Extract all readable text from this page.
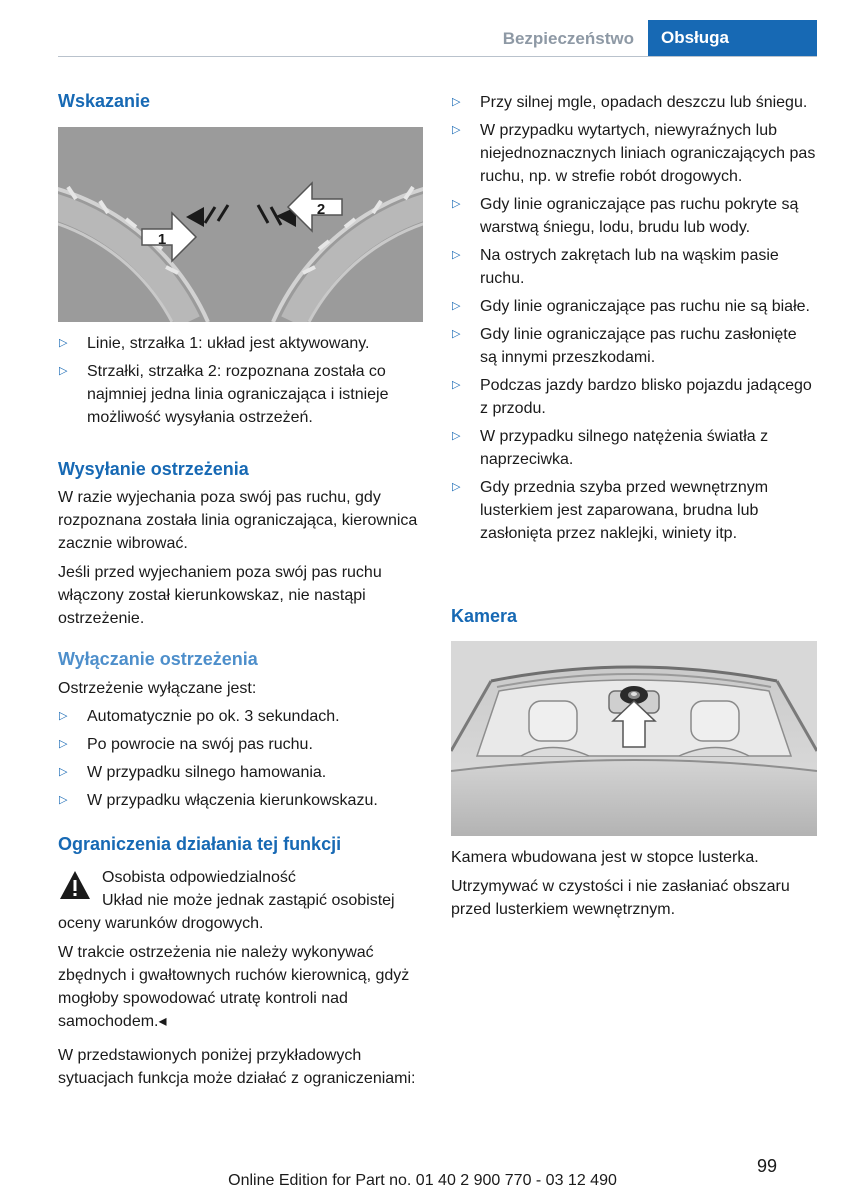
Bezpieczeństwo	Obsługa
Wskazanie
1
2
▷ Linie, strzałka 1: układ jest aktywowany.
▷ Strzałki, strzałka 2: rozpoznana została co najmniej jedna linia ograniczająca i istnieje możliwość wysyłania ostrzeżeń.
Wysyłanie ostrzeżenia

W razie wyjechania poza swój pas ruchu, gdy rozpoznana została linia ograniczająca, kierownica zacznie wibrować.

Jeśli przed wyjechaniem poza swój pas ruchu włączony został kierunkowskaz, nie nastąpi ostrzeżenie.

Wyłączanie ostrzeżenia

Ostrzeżenie wyłączane jest:

▷ Automatycznie po ok. 3 sekundach.
▷ Po powrocie na swój pas ruchu.
▷ W przypadku silnego hamowania.
▷ W przypadku włączenia kierunkowskazu.
Ograniczenia działania tej funkcji

Osobista odpowiedzialność

Układ nie może jednak zastąpić osobistej oceny warunków drogowych.

W trakcie ostrzeżenia nie należy wykonywać zbędnych i gwałtownych ruchów kierownicą, gdyż mogłoby spowodować utratę kontroli nad samochodem.◂

W przedstawionych poniżej przykładowych sytuacjach funkcja może działać z ograniczeniami:

▷ Przy silnej mgle, opadach deszczu lub śniegu.
▷ W przypadku wytartych, niewyraźnych lub niejednoznacznych liniach ograniczających pas ruchu, np. w strefie robót drogowych.
▷ Gdy linie ograniczające pas ruchu pokryte są warstwą śniegu, lodu, brudu lub wody.
▷ Na ostrych zakrętach lub na wąskim pasie ruchu.
▷ Gdy linie ograniczające pas ruchu nie są białe.
▷ Gdy linie ograniczające pas ruchu zasłonięte są innymi przeszkodami.
▷ Podczas jazdy bardzo blisko pojazdu jadącego z przodu.
▷ W przypadku silnego natężenia światła z naprzeciwka.
▷ Gdy przednia szyba przed wewnętrznym lusterkiem jest zaparowana, brudna lub zasłonięta przez naklejki, winiety itp.
Kamera

Kamera wbudowana jest w stopce lusterka.

Utrzymywać w czystości i nie zasłaniać obszaru przed lusterkiem wewnętrznym.

99
Online Edition for Part no. 01 40 2 900 770 - 03 12 490
